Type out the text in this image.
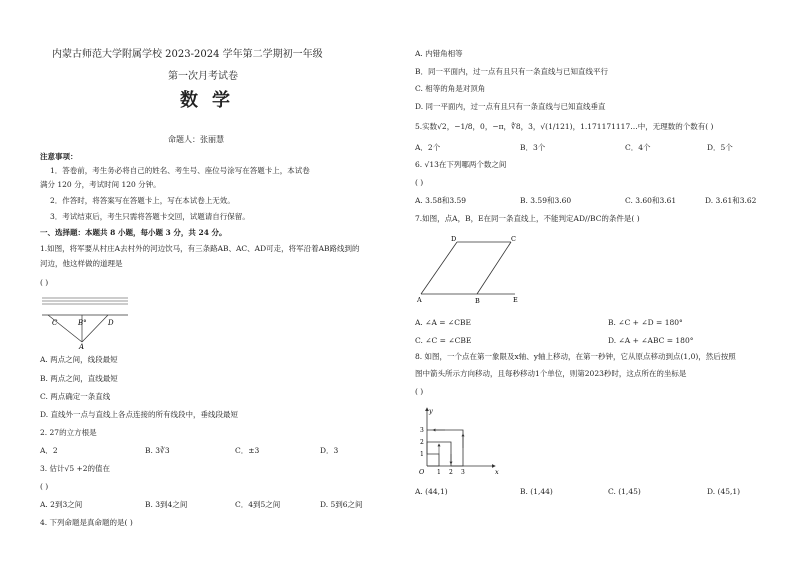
内蒙古师范大学附属学校 2023-2024 学年第二学期初一年级
第一次月考试卷
数学
命题人：张丽慧
注意事项：
1．答卷前，考生务必将自己的姓名、考生号、座位号涂写在答题卡上，本试卷
满分 120 分，考试时间 120 分钟。
2．作答时，将答案写在答题卡上，写在本试卷上无效。
3．考试结束后，考生只需将答题卡交回，试题请自行保留。
一、选择题：本题共 8 小题，每小题 3 分，共 24 分。
1.如图，将军要从村庄A去村外的河边饮马，有三条路AB、AC、AD可走，将军沿着AB路线到的
河边，他这样做的道理是
( )
C	B°	D
A
A. 两点之间，线段最短
B. 两点之间，直线最短
C. 两点确定一条直线
D. 直线外一点与直线上各点连接的所有线段中，垂线段最短
2. 27的立方根是
A．2	B. 3∛3	C．±3	D．3
3. 估计√5 +2的值在
( )
A. 2到3之间	B. 3到4之间	C．4到5之间	D. 5到6之间
4. 下列命题是真命题的是( )
A. 内错角相等
B．同一平面内，过一点有且只有一条直线与已知直线平行
C. 相等的角是对顶角
D. 同一平面内，过一点有且只有一条直线与已知直线垂直
5.实数√2，−1/8，0，−π，∜8，3，√(1/121)，1.171171117…中，无理数的个数有( )
A．2个	B．3个	C．4个	D．5个
6. √13在下列哪两个数之间
( )
A. 3.58和3.59	B. 3.59和3.60	C. 3.60和3.61	D. 3.61和3.62
7.如图，点A，B，E在同一条直线上，不能判定AD//BC的条件是( )
D	C
A	B	E
A. ∠A = ∠CBE	B. ∠C + ∠D = 180°
C. ∠C = ∠CBE	D. ∠A + ∠ABC = 180°
8. 如图，一个点在第一象限及x轴、y轴上移动，在第一秒钟，它从原点移动到点(1,0)，然后按照
图中箭头所示方向移动，且每秒移动1个单位，则第2023秒时，这点所在的坐标是
( )
y
x
O 1 2 3
1
2
3
A. (44,1)	B. (1,44)	C. (1,45)	D. (45,1)
